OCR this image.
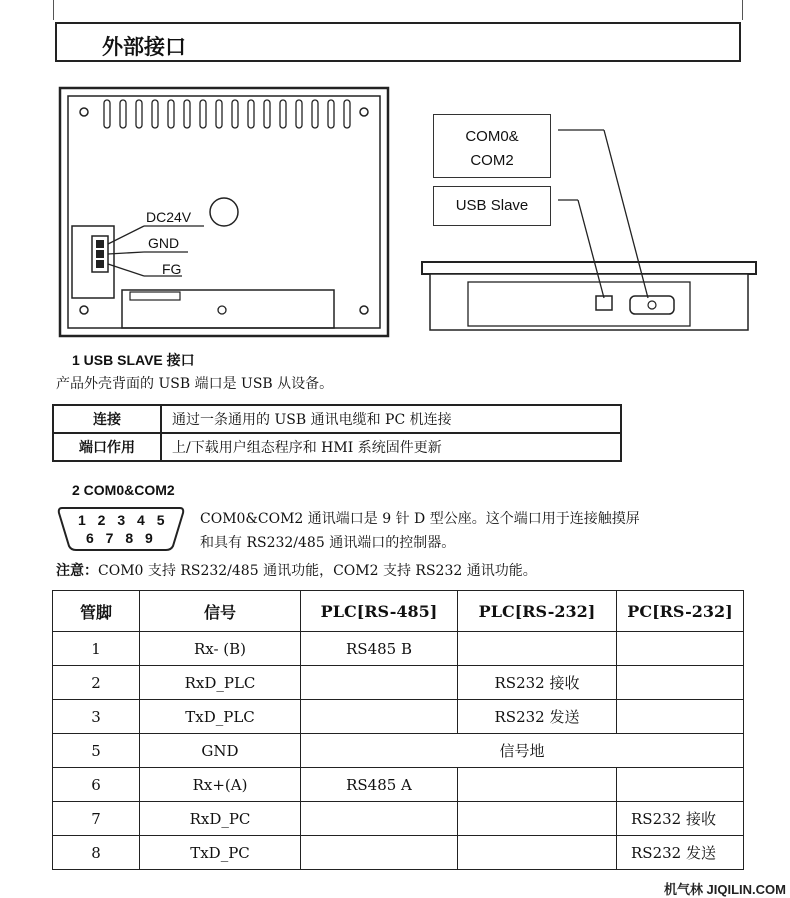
外部接口
DC24V
GND
FG
COM0&
COM2
USB Slave
1 USB SLAVE 接口
产品外壳背面的 USB 端口是 USB 从设备。
连接	通过一条通用的 USB 通讯电缆和 PC 机连接
端口作用	上/下载用户组态程序和 HMI 系统固件更新
2 COM0&COM2
1 2 3 4 5
6 7 8 9
COM0&COM2 通讯端口是 9 针 D 型公座。这个端口用于连接触摸屏
和具有 RS232/485 通讯端口的控制器。
注意：COM0 支持 RS232/485 通讯功能，COM2 支持 RS232 通讯功能。
管脚	信号	PLC[RS-485]	PLC[RS-232]	PC[RS-232]
1	Rx- (B)	RS485 B		
2	RxD_PLC		RS232 接收	
3	TxD_PLC		RS232 发送	
5	GND	信号地		
6	Rx+(A)	RS485 A		
7	RxD_PC			RS232 接收
8	TxD_PC			RS232 发送
机气林 JIQILIN.COM
